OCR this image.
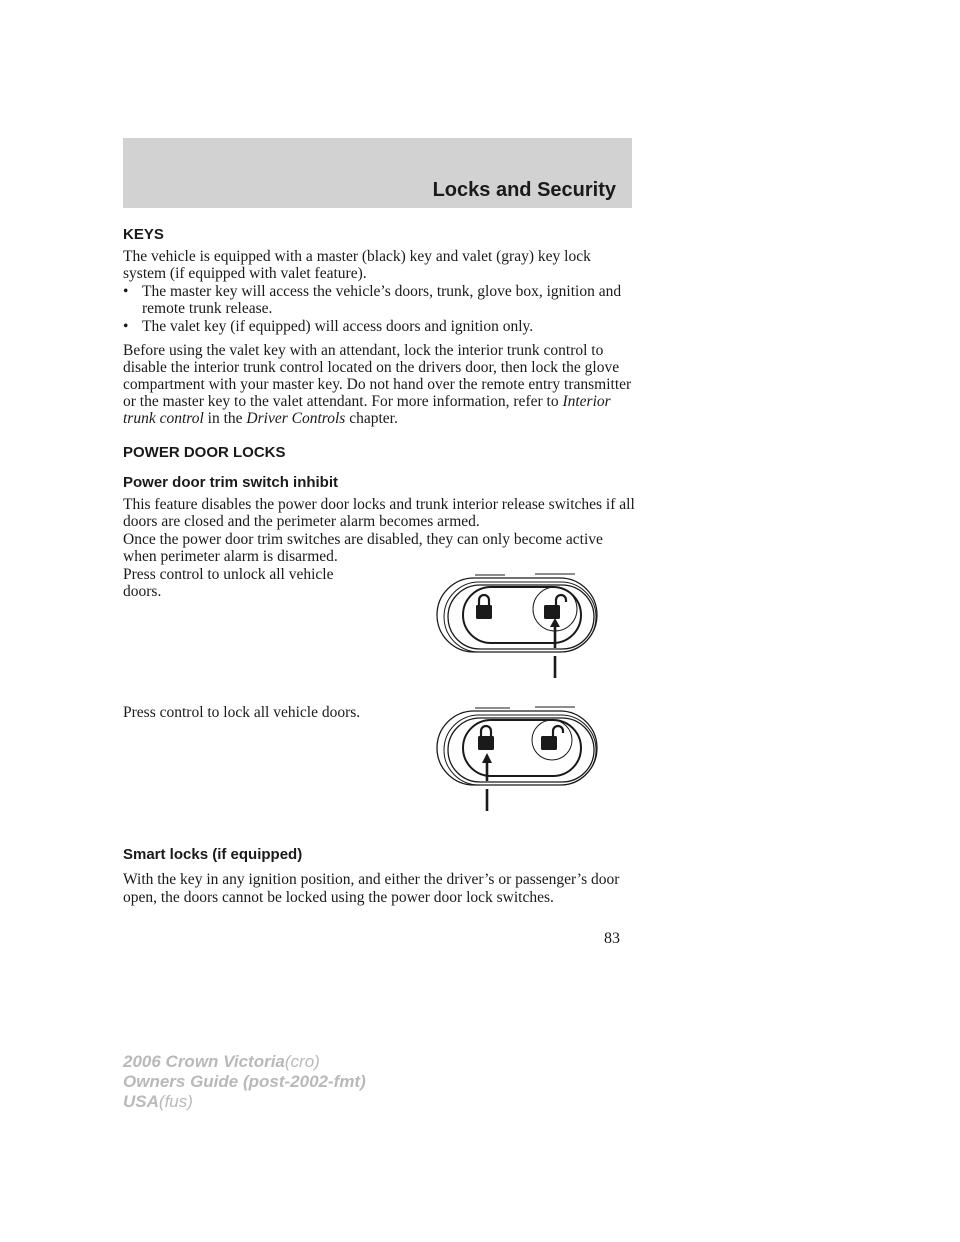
Locks and Security
KEYS

The vehicle is equipped with a master (black) key and valet (gray) key lock system (if equipped with valet feature).

• The master key will access the vehicle’s doors, trunk, glove box, ignition and remote trunk release.
• The valet key (if equipped) will access doors and ignition only.

Before using the valet key with an attendant, lock the interior trunk control to disable the interior trunk control located on the drivers door, then lock the glove compartment with your master key. Do not hand over the remote entry transmitter or the master key to the valet attendant. For more information, refer to Interior trunk control in the Driver Controls chapter.

POWER DOOR LOCKS
Power door trim switch inhibit

This feature disables the power door locks and trunk interior release switches if all doors are closed and the perimeter alarm becomes armed.

Once the power door trim switches are disabled, they can only become active when perimeter alarm is disarmed.

Press control to unlock all vehicle doors.

Press control to lock all vehicle doors.

Smart locks (if equipped)

With the key in any ignition position, and either the driver’s or passenger’s door open, the doors cannot be locked using the power door lock switches.

83
2006 Crown Victoria(cro)
Owners Guide (post-2002-fmt)
USA(fus)
